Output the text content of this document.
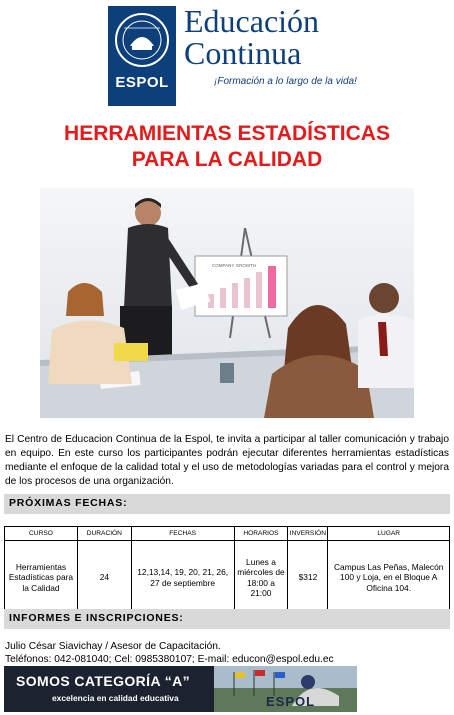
ESPOL
Educación
Continua
¡Formación a lo largo de la vida!
HERRAMIENTAS ESTADÍSTICAS
PARA LA CALIDAD
COMPANY GROWTH

El Centro de Educacion Continua de la Espol, te invita a participar al taller comunicación y trabajo en equipo. En este curso los participantes podrán ejecutar diferentes herramientas estadísticas mediante el enfoque de la calidad total y el uso de metodologías variadas para el control y mejora de los procesos de una organización.

PRÓXIMAS FECHAS:
CURSO	DURACIÓN	FECHAS	HORARIOS	INVERSIÓN	LUGAR
Herramientas Estadísticas para la Calidad	24	12,13,14, 19, 20, 21, 26, 27 de septiembre	Lunes a miércoles de 18:00 a 21:00	$312	Campus Las Peñas, Malecón 100 y Loja, en el Bloque A Oficina 104.
INFORMES E INSCRIPCIONES:
Julio César Siavichay / Asesor de Capacitación.
Teléfonos: 042-081040; Cel: 0985380107; E-mail: educon@espol.edu.ec
SOMOS CATEGORÍA “A”
excelencia en calidad educativa	ESPOL
